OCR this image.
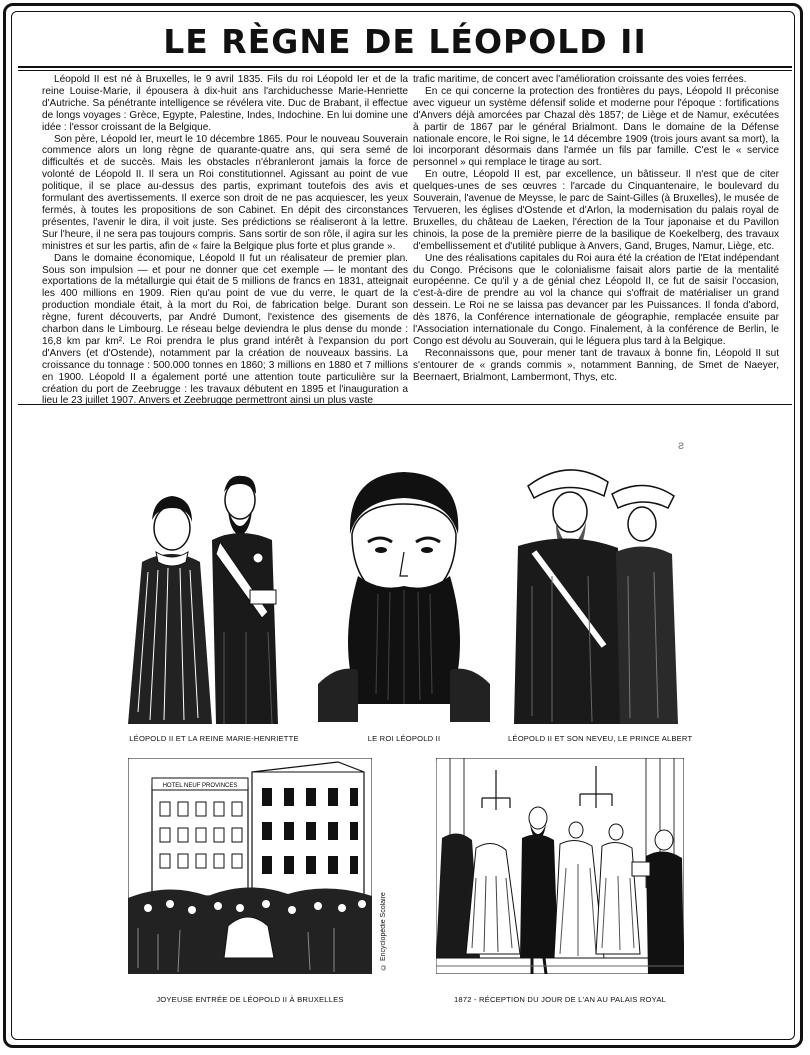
LE RÈGNE DE LÉOPOLD II

Léopold II est né à Bruxelles, le 9 avril 1835. Fils du roi Léopold Ier et de la reine Louise-Marie, il épousera à dix-huit ans l'archiduchesse Marie-Henriette d'Autriche. Sa pénétrante intelligence se révélera vite. Duc de Brabant, il effectue de longs voyages : Grèce, Egypte, Palestine, Indes, Indochine. En lui domine une idée : l'essor croissant de la Belgique.

Son père, Léopold Ier, meurt le 10 décembre 1865. Pour le nouveau Souverain commence alors un long règne de quarante-quatre ans, qui sera semé de difficultés et de succès. Mais les obstacles n'ébranleront jamais la force de volonté de Léopold II. Il sera un Roi constitutionnel. Agissant au point de vue politique, il se place au-dessus des partis, exprimant toutefois des avis et formulant des avertissements. Il exerce son droit de ne pas acquiescer, les yeux fermés, à toutes les propositions de son Cabinet. En dépit des circonstances présentes, l'avenir le dira, il voit juste. Ses prédictions se réaliseront à la lettre. Sur l'heure, il ne sera pas toujours compris. Sans sortir de son rôle, il agira sur les ministres et sur les partis, afin de « faire la Belgique plus forte et plus grande ».

Dans le domaine économique, Léopold II fut un réalisateur de premier plan. Sous son impulsion — et pour ne donner que cet exemple — le montant des exportations de la métallurgie qui était de 5 millions de francs en 1831, atteignait les 400 millions en 1909. Rien qu'au point de vue du verre, le quart de la production mondiale était, à la mort du Roi, de fabrication belge. Durant son règne, furent découverts, par André Dumont, l'existence des gisements de charbon dans le Limbourg. Le réseau belge deviendra le plus dense du monde : 16,8 km par km². Le Roi prendra le plus grand intérêt à l'expansion du port d'Anvers (et d'Ostende), notamment par la création de nouveaux bassins. La croissance du tonnage : 500.000 tonnes en 1860; 3 millions en 1880 et 7 millions en 1900. Léopold II a également porté une attention toute particulière sur la création du port de Zeebrugge : les travaux débutent en 1895 et l'inauguration a lieu le 23 juillet 1907. Anvers et Zeebrugge permettront ainsi un plus vaste

trafic maritime, de concert avec l'amélioration croissante des voies ferrées.

En ce qui concerne la protection des frontières du pays, Léopold II préconise avec vigueur un système défensif solide et moderne pour l'époque : fortifications d'Anvers déjà amorcées par Chazal dès 1857; de Liège et de Namur, exécutées à partir de 1867 par le général Brialmont. Dans le domaine de la Défense nationale encore, le Roi signe, le 14 décembre 1909 (trois jours avant sa mort), la loi incorporant désormais dans l'armée un fils par famille. C'est le « service personnel » qui remplace le tirage au sort.

En outre, Léopold II est, par excellence, un bâtisseur. Il n'est que de citer quelques-unes de ses œuvres : l'arcade du Cinquantenaire, le boulevard du Souverain, l'avenue de Meysse, le parc de Saint-Gilles (à Bruxelles), le musée de Tervueren, les églises d'Ostende et d'Arlon, la modernisation du palais royal de Bruxelles, du château de Laeken, l'érection de la Tour japonaise et du Pavillon chinois, la pose de la première pierre de la basilique de Koekelberg, des travaux d'embellissement et d'utilité publique à Anvers, Gand, Bruges, Namur, Liège, etc.

Une des réalisations capitales du Roi aura été la création de l'Etat indépendant du Congo. Précisons que le colonialisme faisait alors partie de la mentalité européenne. Ce qu'il y a de génial chez Léopold II, ce fut de saisir l'occasion, c'est-à-dire de prendre au vol la chance qui s'offrait de matérialiser un grand dessein. Le Roi ne se laissa pas devancer par les Puissances. Il fonda d'abord, dès 1876, la Conférence internationale de géographie, remplacée ensuite par l'Association internationale du Congo. Finalement, à la conférence de Berlin, le Congo est dévolu au Souverain, qui le léguera plus tard à la Belgique.

Reconnaissons que, pour mener tant de travaux à bonne fin, Léopold II sut s'entourer de « grands commis », notamment Banning, de Smet de Naeyer, Beernaert, Brialmont, Lambermont, Thys, etc.

ƨ
LÉOPOLD II ET LA REINE MARIE-HENRIETTE	LE ROI LÉOPOLD II	LÉOPOLD II ET SON NEVEU, LE PRINCE ALBERT
HOTEL NEUF PROVINCES
© Encyclopédie Scolaire
JOYEUSE ENTRÉE DE LÉOPOLD II À BRUXELLES	1872 - RÉCEPTION DU JOUR DE L'AN AU PALAIS ROYAL
